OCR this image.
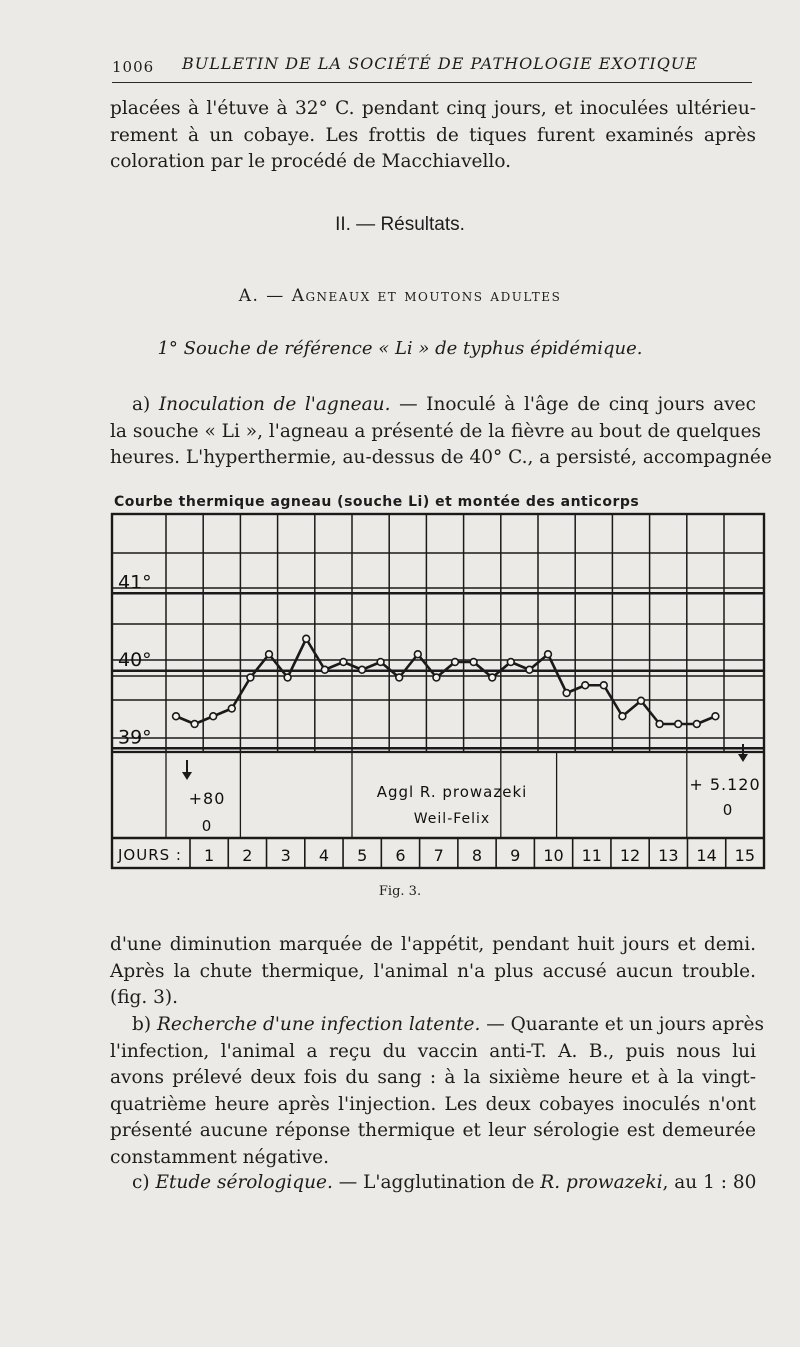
1006 BULLETIN DE LA SOCIÉTÉ DE PATHOLOGIE EXOTIQUE
placées à l'étuve à 32° C. pendant cinq jours, et inoculées ultérieu-
rement à un cobaye. Les frottis de tiques furent examinés après
coloration par le procédé de Macchiavello.
II. — Résultats.
A. — Agneaux et moutons adultes
1° Souche de référence « Li » de typhus épidémique.
a) Inoculation de l'agneau. — Inoculé à l'âge de cinq jours avec
la souche « Li », l'agneau a présenté de la fièvre au bout de quelques
heures. L'hyperthermie, au-dessus de 40° C., a persisté, accompagnée
Courbe thermique agneau (souche Li) et montée des anticorps
41°
40°
39°
JOURS : 1 2 3 4 5 6 7 8 9 10 11 12 13 14 15
+80
0
Aggl R. prowazeki
Weil-Felix
+ 5.120
0
Fig. 3.
d'une diminution marquée de l'appétit, pendant huit jours et demi.
Après la chute thermique, l'animal n'a plus accusé aucun trouble.
(fig. 3).
b) Recherche d'une infection latente. — Quarante et un jours après
l'infection, l'animal a reçu du vaccin anti-T. A. B., puis nous lui
avons prélevé deux fois du sang : à la sixième heure et à la vingt-
quatrième heure après l'injection. Les deux cobayes inoculés n'ont
présenté aucune réponse thermique et leur sérologie est demeurée
constamment négative.
c) Etude sérologique. — L'agglutination de R. prowazeki, au 1 : 80
